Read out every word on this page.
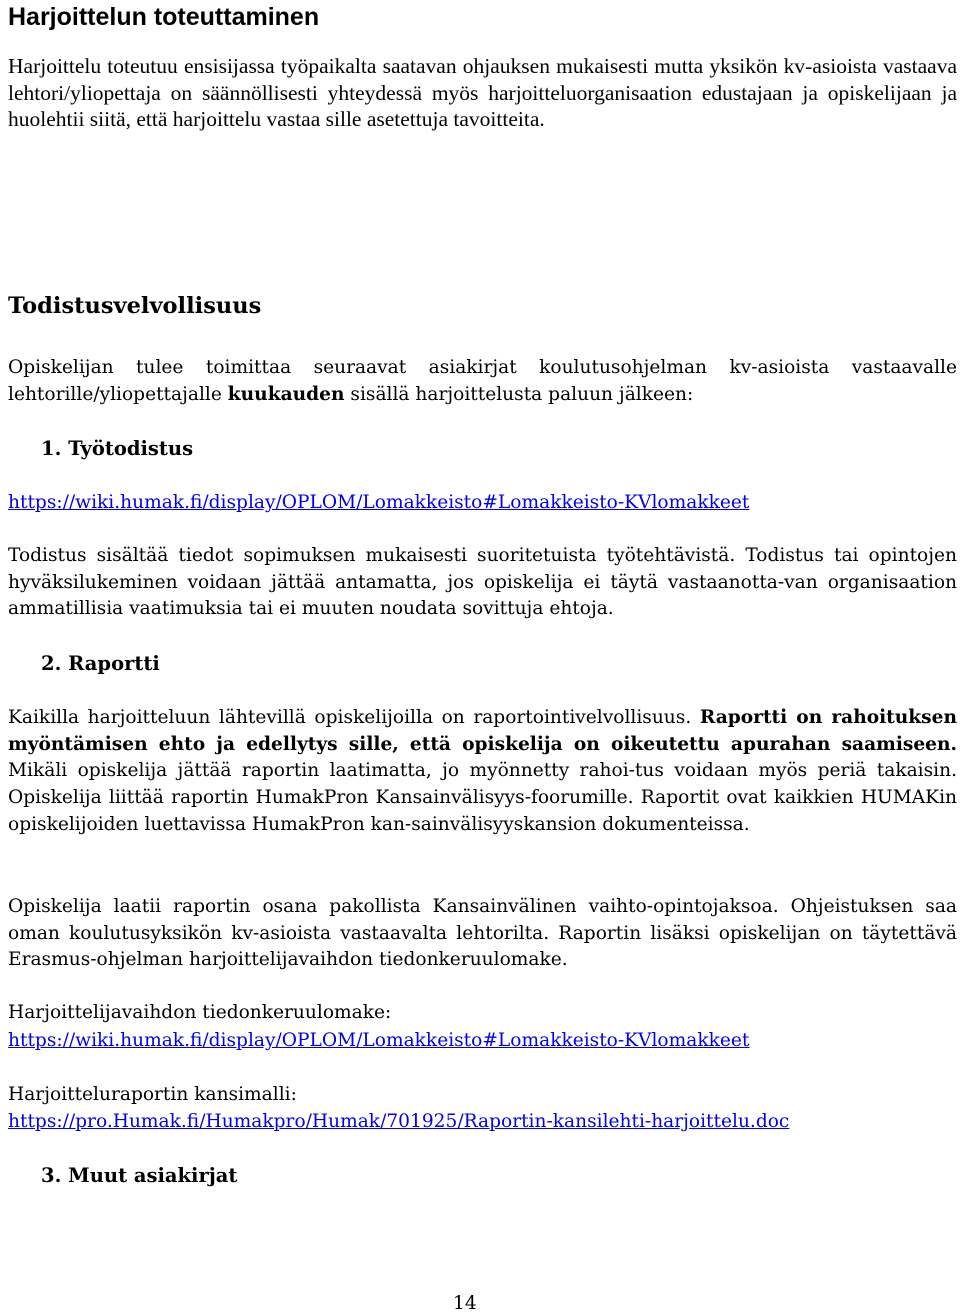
Harjoittelun toteuttaminen

Harjoittelu toteutuu ensisijassa työpaikalta saatavan ohjauksen mukaisesti mutta yksikön kv-asioista vastaava lehtori/yliopettaja on säännöllisesti yhteydessä myös harjoitteluorganisaation edustajaan ja opiskelijaan ja huolehtii siitä, että harjoittelu vastaa sille asetettuja tavoitteita.

Todistusvelvollisuus

Opiskelijan tulee toimittaa seuraavat asiakirjat koulutusohjelman kv-asioista vastaavalle lehtorille/yliopettajalle kuukauden sisällä harjoittelusta paluun jälkeen:

1. Työtodistus
https://wiki.humak.fi/display/OPLOM/Lomakkeisto#Lomakkeisto-KVlomakkeet

Todistus sisältää tiedot sopimuksen mukaisesti suoritetuista työtehtävistä. Todistus tai opintojen hyväksilukeminen voidaan jättää antamatta, jos opiskelija ei täytä vastaanotta-van organisaation ammatillisia vaatimuksia tai ei muuten noudata sovittuja ehtoja.

2. Raportti

Kaikilla harjoitteluun lähtevillä opiskelijoilla on raportointivelvollisuus. Raportti on rahoituksen myöntämisen ehto ja edellytys sille, että opiskelija on oikeutettu apurahan saamiseen. Mikäli opiskelija jättää raportin laatimatta, jo myönnetty rahoi-tus voidaan myös periä takaisin. Opiskelija liittää raportin HumakPron Kansainvälisyys-foorumille. Raportit ovat kaikkien HUMAKin opiskelijoiden luettavissa HumakPron kan-sainvälisyyskansion dokumenteissa.

Opiskelija laatii raportin osana pakollista Kansainvälinen vaihto-opintojaksoa. Ohjeistuksen saa oman koulutusyksikön kv-asioista vastaavalta lehtorilta. Raportin lisäksi opiskelijan on täytettävä Erasmus-ohjelman harjoittelijavaihdon tiedonkeruulomake.

Harjoittelijavaihdon tiedonkeruulomake:
https://wiki.humak.fi/display/OPLOM/Lomakkeisto#Lomakkeisto-KVlomakkeet
Harjoitteluraportin kansimalli:
https://pro.Humak.fi/Humakpro/Humak/701925/Raportin-kansilehti-harjoittelu.doc
3. Muut asiakirjat
14
